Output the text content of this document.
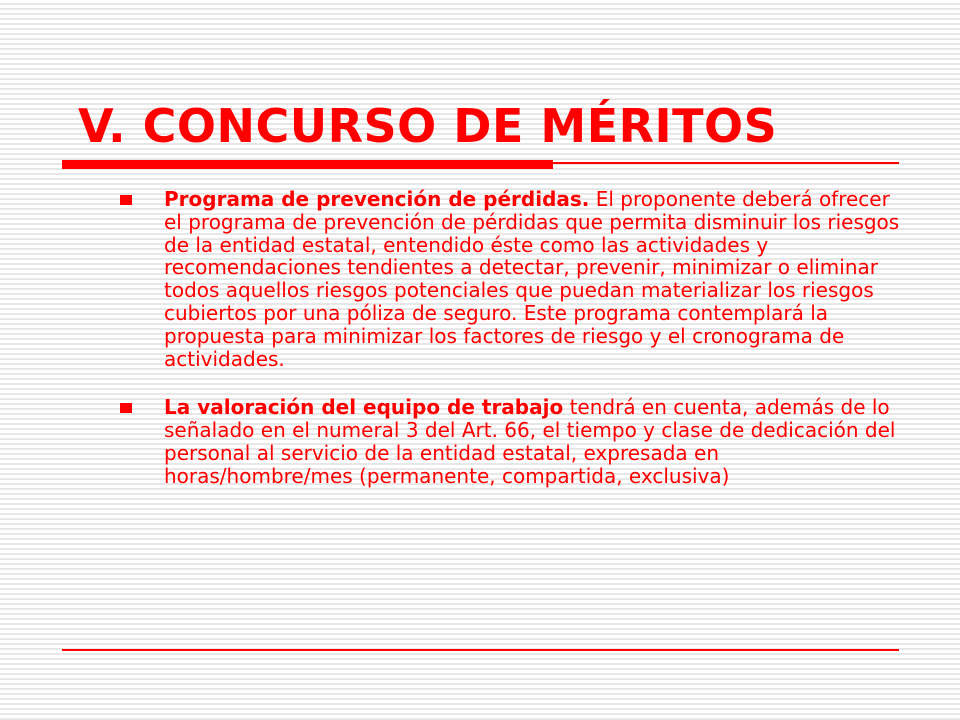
V. CONCURSO DE MÉRITOS
Programa de prevención de pérdidas. El proponente deberá ofrecer el programa de prevención de pérdidas que permita disminuir los riesgos de la entidad estatal, entendido éste como las actividades y recomendaciones tendientes a detectar, prevenir, minimizar o eliminar todos aquellos riesgos potenciales que puedan materializar los riesgos cubiertos por una póliza de seguro. Este programa contemplará la propuesta para minimizar los factores de riesgo y el cronograma de actividades.
La valoración del equipo de trabajo tendrá en cuenta, además de lo señalado en el numeral 3 del Art. 66, el tiempo y clase de dedicación del personal al servicio de la entidad estatal, expresada en horas/hombre/mes (permanente, compartida, exclusiva)
